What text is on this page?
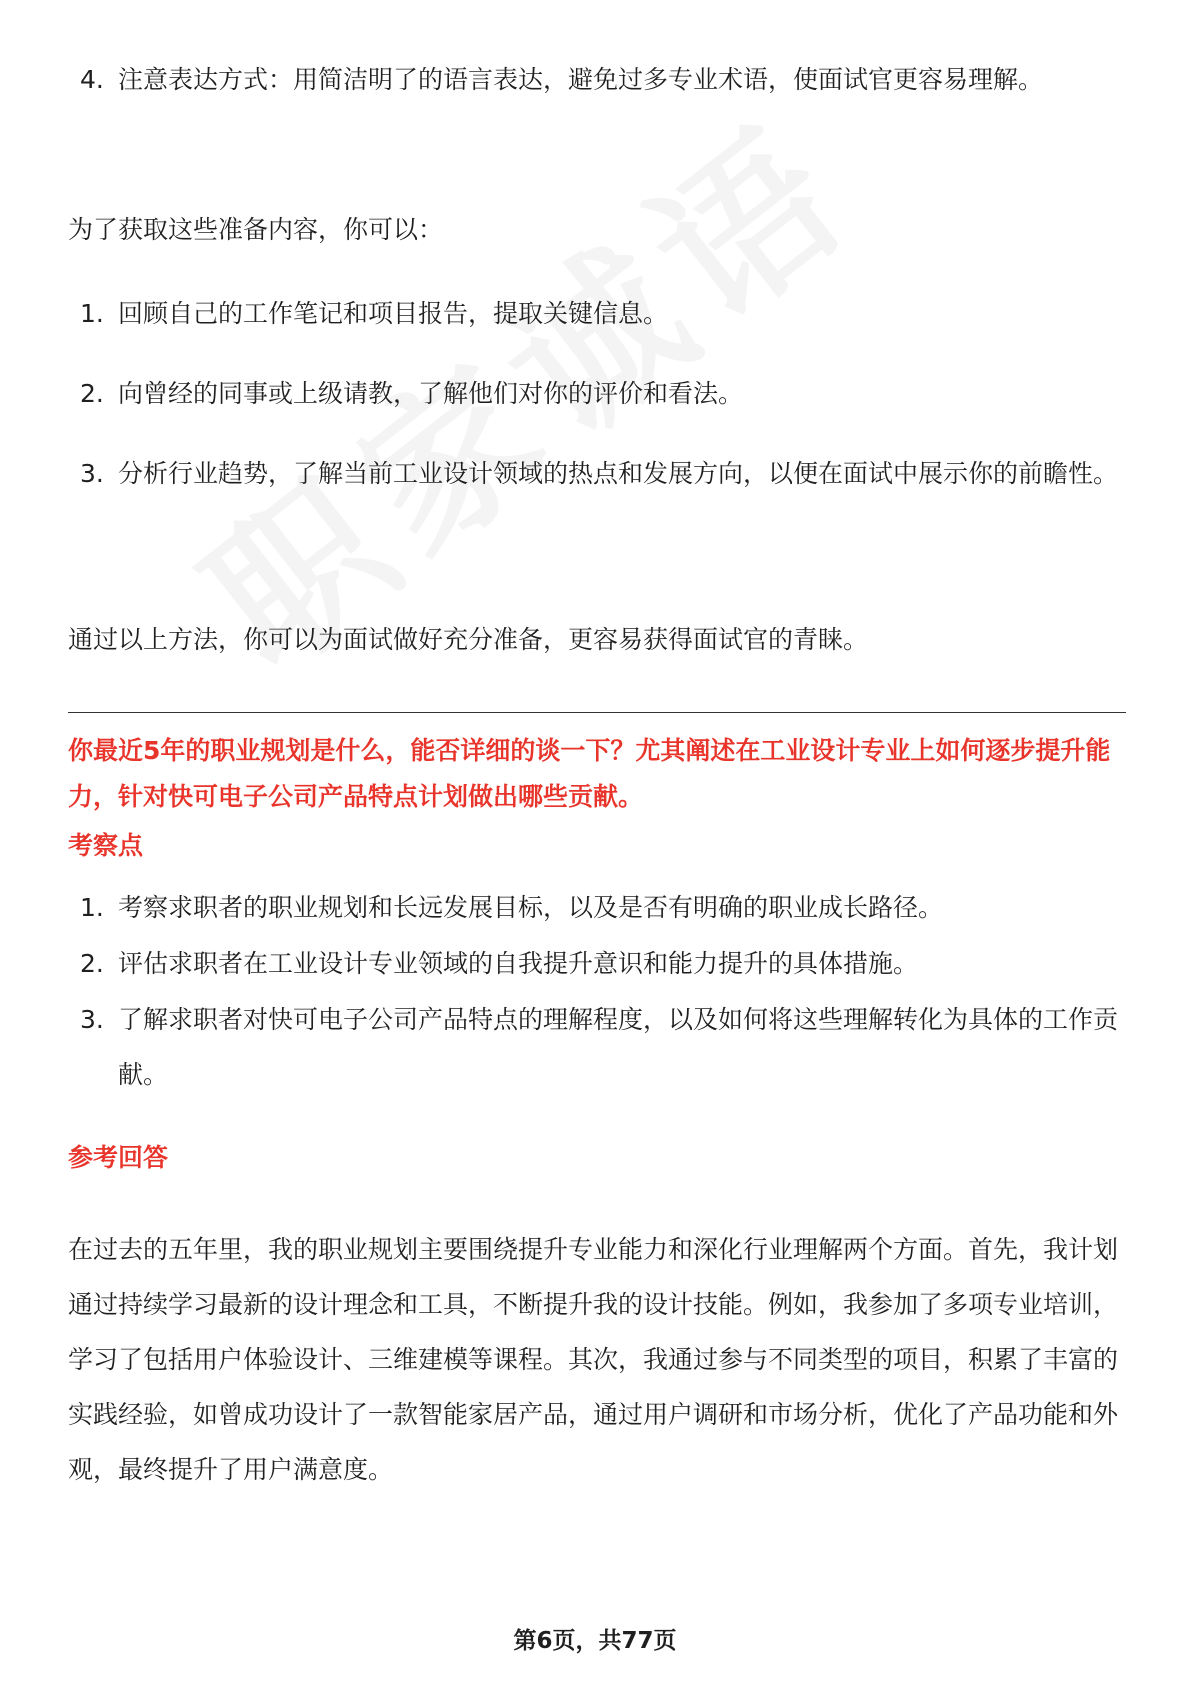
4. 注意表达方式：用简洁明了的语言表达，避免过多专业术语，使面试官更容易理解。
为了获取这些准备内容，你可以：
1. 回顾自己的工作笔记和项目报告，提取关键信息。
2. 向曾经的同事或上级请教，了解他们对你的评价和看法。
3. 分析行业趋势，了解当前工业设计领域的热点和发展方向，以便在面试中展示你的前瞻性。
通过以上方法，你可以为面试做好充分准备，更容易获得面试官的青睐。
你最近5年的职业规划是什么，能否详细的谈一下？尤其阐述在工业设计专业上如何逐步提升能力，针对快可电子公司产品特点计划做出哪些贡献。
考察点
1. 考察求职者的职业规划和长远发展目标，以及是否有明确的职业成长路径。
2. 评估求职者在工业设计专业领域的自我提升意识和能力提升的具体措施。
3. 了解求职者对快可电子公司产品特点的理解程度，以及如何将这些理解转化为具体的工作贡献。
参考回答
在过去的五年里，我的职业规划主要围绕提升专业能力和深化行业理解两个方面。首先，我计划通过持续学习最新的设计理念和工具，不断提升我的设计技能。例如，我参加了多项专业培训，学习了包括用户体验设计、三维建模等课程。其次，我通过参与不同类型的项目，积累了丰富的实践经验，如曾成功设计了一款智能家居产品，通过用户调研和市场分析，优化了产品功能和外观，最终提升了用户满意度。
第6页，共77页
